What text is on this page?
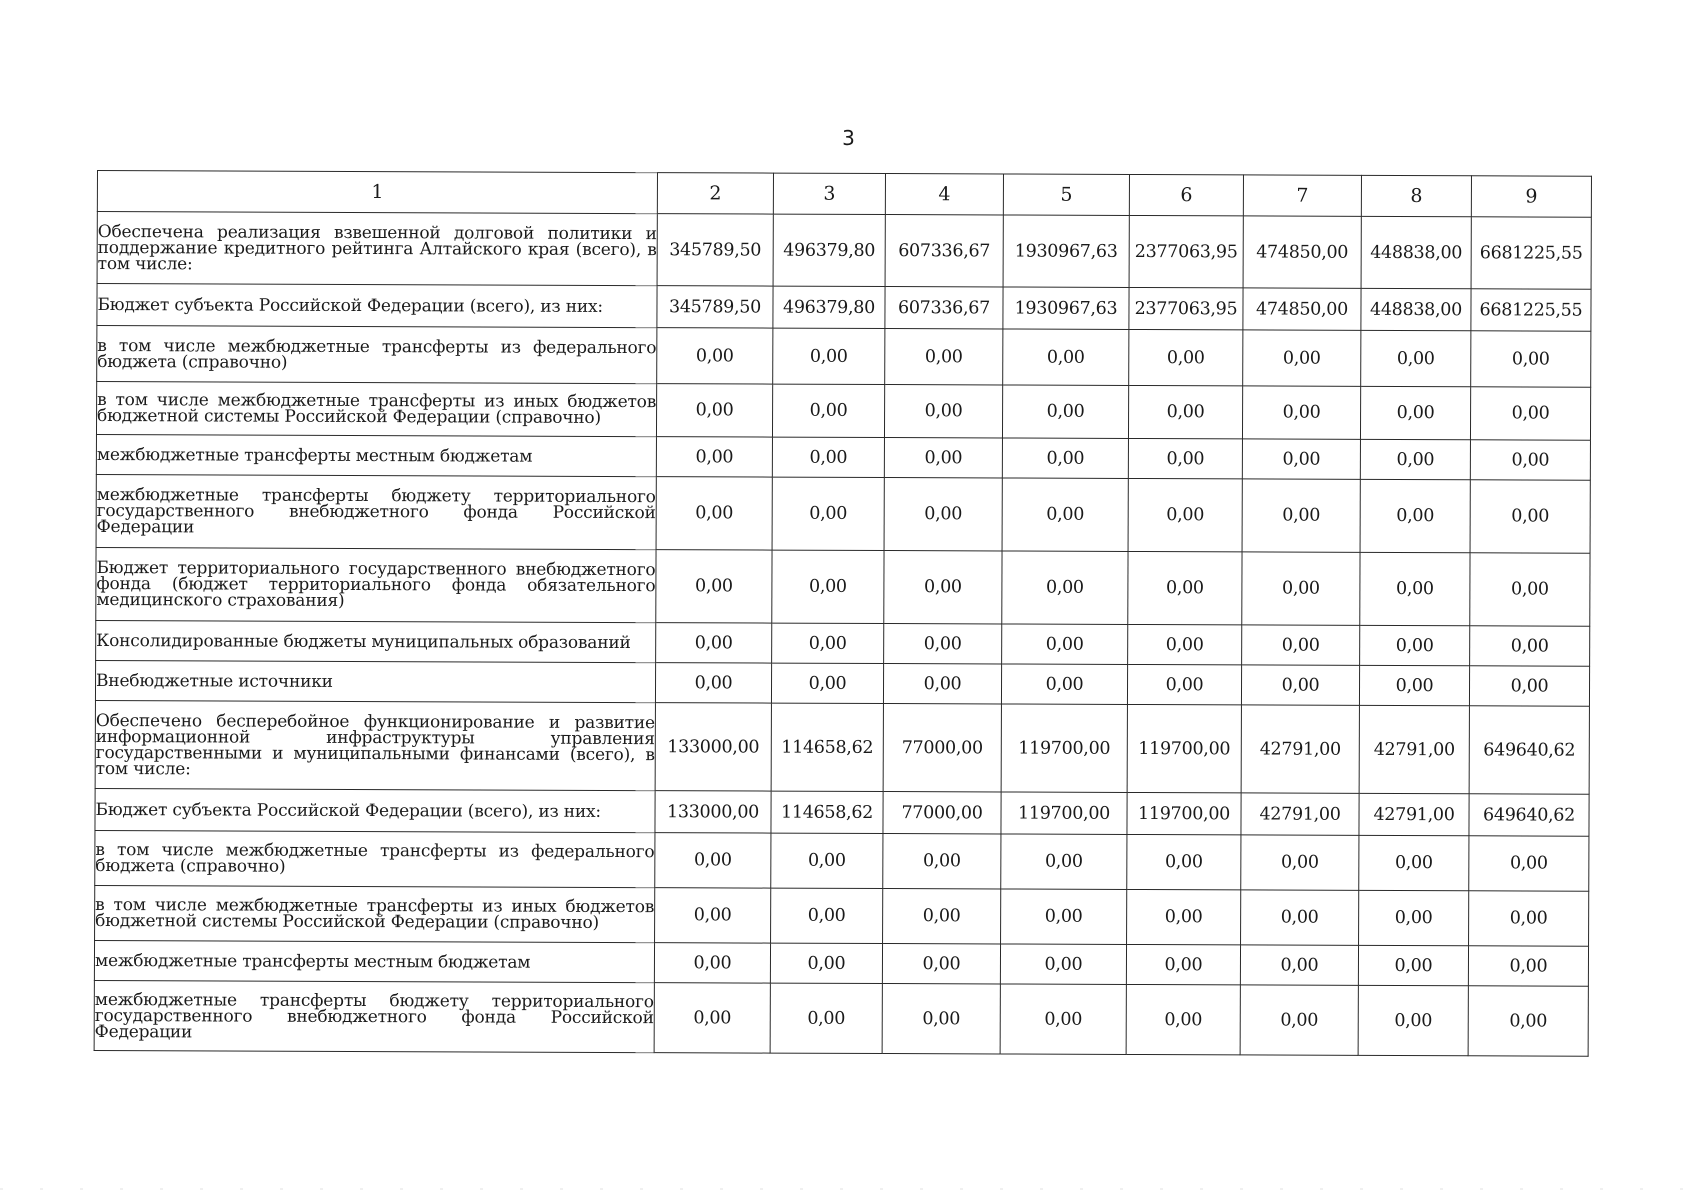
3
1	2	3	4	5	6	7	8	9
Обеспечена реализация взвешенной долговой политики и поддержание кредитного рейтинга Алтайского края (всего), в том числе:	345789,50	496379,80	607336,67	1930967,63	2377063,95	474850,00	448838,00	6681225,55
Бюджет субъекта Российской Федерации (всего), из них:	345789,50	496379,80	607336,67	1930967,63	2377063,95	474850,00	448838,00	6681225,55
в том числе межбюджетные трансферты из федерального бюджета (справочно)	0,00	0,00	0,00	0,00	0,00	0,00	0,00	0,00
в том числе межбюджетные трансферты из иных бюджетов бюджетной системы Российской Федерации (справочно)	0,00	0,00	0,00	0,00	0,00	0,00	0,00	0,00
межбюджетные трансферты местным бюджетам	0,00	0,00	0,00	0,00	0,00	0,00	0,00	0,00
межбюджетные трансферты бюджету территориального государственного внебюджетного фонда Российской Федерации	0,00	0,00	0,00	0,00	0,00	0,00	0,00	0,00
Бюджет территориального государственного внебюджетного фонда (бюджет территориального фонда обязательного медицинского страхования)	0,00	0,00	0,00	0,00	0,00	0,00	0,00	0,00
Консолидированные бюджеты муниципальных образований	0,00	0,00	0,00	0,00	0,00	0,00	0,00	0,00
Внебюджетные источники	0,00	0,00	0,00	0,00	0,00	0,00	0,00	0,00
Обеспечено бесперебойное функционирование и развитие информационной инфраструктуры управления государственными и муниципальными финансами (всего), в том числе:	133000,00	114658,62	77000,00	119700,00	119700,00	42791,00	42791,00	649640,62
Бюджет субъекта Российской Федерации (всего), из них:	133000,00	114658,62	77000,00	119700,00	119700,00	42791,00	42791,00	649640,62
в том числе межбюджетные трансферты из федерального бюджета (справочно)	0,00	0,00	0,00	0,00	0,00	0,00	0,00	0,00
в том числе межбюджетные трансферты из иных бюджетов бюджетной системы Российской Федерации (справочно)	0,00	0,00	0,00	0,00	0,00	0,00	0,00	0,00
межбюджетные трансферты местным бюджетам	0,00	0,00	0,00	0,00	0,00	0,00	0,00	0,00
межбюджетные трансферты бюджету территориального государственного внебюджетного фонда Российской Федерации	0,00	0,00	0,00	0,00	0,00	0,00	0,00	0,00
